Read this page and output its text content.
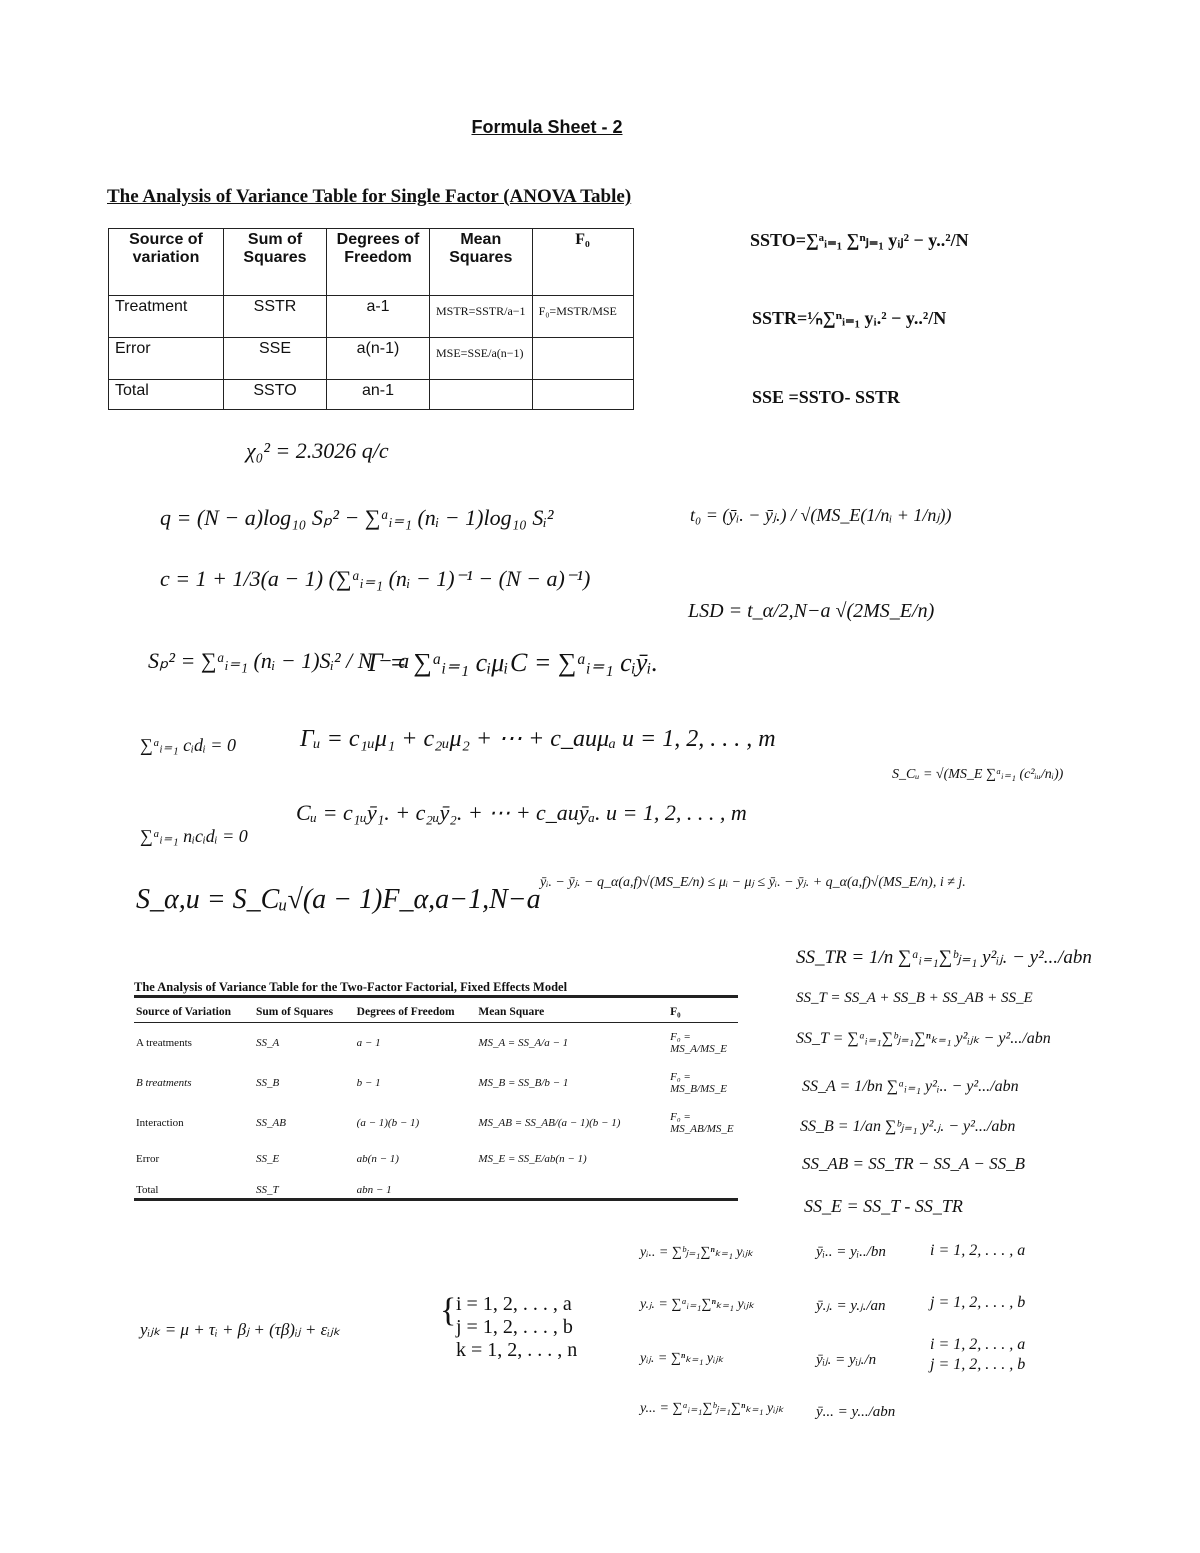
Formula Sheet - 2
The Analysis of Variance Table for Single Factor (ANOVA Table)
Source of variation	Sum of Squares	Degrees of Freedom	Mean Squares	F₀
Treatment	SSTR	a-1	MSTR=SSTR/a−1	F₀=MSTR/MSE
Error	SSE	a(n-1)	MSE=SSE/a(n−1)	
Total	SSTO	an-1		
SSTO=∑ᵃᵢ₌₁ ∑ⁿⱼ₌₁ yᵢⱼ² − y..²/N
SSTR=¹⁄ₙ∑ⁿᵢ₌₁ yᵢ.² − y..²/N
SSE =SSTO- SSTR
χ₀² = 2.3026 q/c
q = (N − a)log₁₀ Sₚ² − ∑ᵃᵢ₌₁ (nᵢ − 1)log₁₀ Sᵢ²
c = 1 + 1/3(a − 1) (∑ᵃᵢ₌₁ (nᵢ − 1)⁻¹ − (N − a)⁻¹)
Sₚ² = ∑ᵃᵢ₌₁ (nᵢ − 1)Sᵢ² / N − a
Γ = ∑ᵃᵢ₌₁ cᵢμᵢ C = ∑ᵃᵢ₌₁ cᵢȳᵢ.
t₀ = (ȳᵢ. − ȳⱼ.) / √(MS_E(1/nᵢ + 1/nⱼ))
LSD = t_α/2,N−a √(2MS_E/n)
∑ᵃᵢ₌₁ cᵢdᵢ = 0	Γᵤ = c₁ᵤμ₁ + c₂ᵤμ₂ + ⋯ + c_auμₐ u = 1, 2, . . . , m
S_Cᵤ = √(MS_E ∑ᵃᵢ₌₁ (c²ᵢᵤ/nᵢ))
Cᵤ = c₁ᵤȳ₁. + c₂ᵤȳ₂. + ⋯ + c_auȳₐ. u = 1, 2, . . . , m
∑ᵃᵢ₌₁ nᵢcᵢdᵢ = 0
S_α,u = S_Cᵤ√(a − 1)F_α,a−1,N−a
ȳᵢ. − ȳⱼ. − q_α(a,f)√(MS_E/n) ≤ μᵢ − μⱼ ≤ ȳᵢ. − ȳⱼ. + q_α(a,f)√(MS_E/n), i ≠ j.
SS_TR = 1/n ∑ᵃᵢ₌₁∑ᵇⱼ₌₁ y²ᵢⱼ. − y².../abn
SS_T = SS_A + SS_B + SS_AB + SS_E
SS_T = ∑ᵃᵢ₌₁∑ᵇⱼ₌₁∑ⁿₖ₌₁ y²ᵢⱼₖ − y².../abn
SS_A = 1/bn ∑ᵃᵢ₌₁ y²ᵢ.. − y².../abn
SS_B = 1/an ∑ᵇⱼ₌₁ y².ⱼ. − y².../abn
SS_AB = SS_TR − SS_A − SS_B
SS_E = SS_T - SS_TR
The Analysis of Variance Table for the Two-Factor Factorial, Fixed Effects Model
Source of Variation	Sum of Squares	Degrees of Freedom	Mean Square	F₀
A treatments	SS_A	a − 1	MS_A = SS_A/a − 1	F₀ = MS_A/MS_E
B treatments	SS_B	b − 1	MS_B = SS_B/b − 1	F₀ = MS_B/MS_E
Interaction	SS_AB	(a − 1)(b − 1)	MS_AB = SS_AB/(a − 1)(b − 1)	F₀ = MS_AB/MS_E
Error	SS_E	ab(n − 1)	MS_E = SS_E/ab(n − 1)	
Total	SS_T	abn − 1		
yᵢⱼₖ = μ + τᵢ + βⱼ + (τβ)ᵢⱼ + εᵢⱼₖ
{ i = 1, 2, . . . , a
j = 1, 2, . . . , b
k = 1, 2, . . . , n
yᵢ.. = ∑ᵇⱼ₌₁∑ⁿₖ₌₁ yᵢⱼₖ
y.ⱼ. = ∑ᵃᵢ₌₁∑ⁿₖ₌₁ yᵢⱼₖ
yᵢⱼ. = ∑ⁿₖ₌₁ yᵢⱼₖ
y... = ∑ᵃᵢ₌₁∑ᵇⱼ₌₁∑ⁿₖ₌₁ yᵢⱼₖ
ȳᵢ.. = yᵢ../bn
ȳ.ⱼ. = y.ⱼ./an
ȳᵢⱼ. = yᵢⱼ./n
ȳ... = y.../abn
i = 1, 2, . . . , a
j = 1, 2, . . . , b
i = 1, 2, . . . , a
j = 1, 2, . . . , b
